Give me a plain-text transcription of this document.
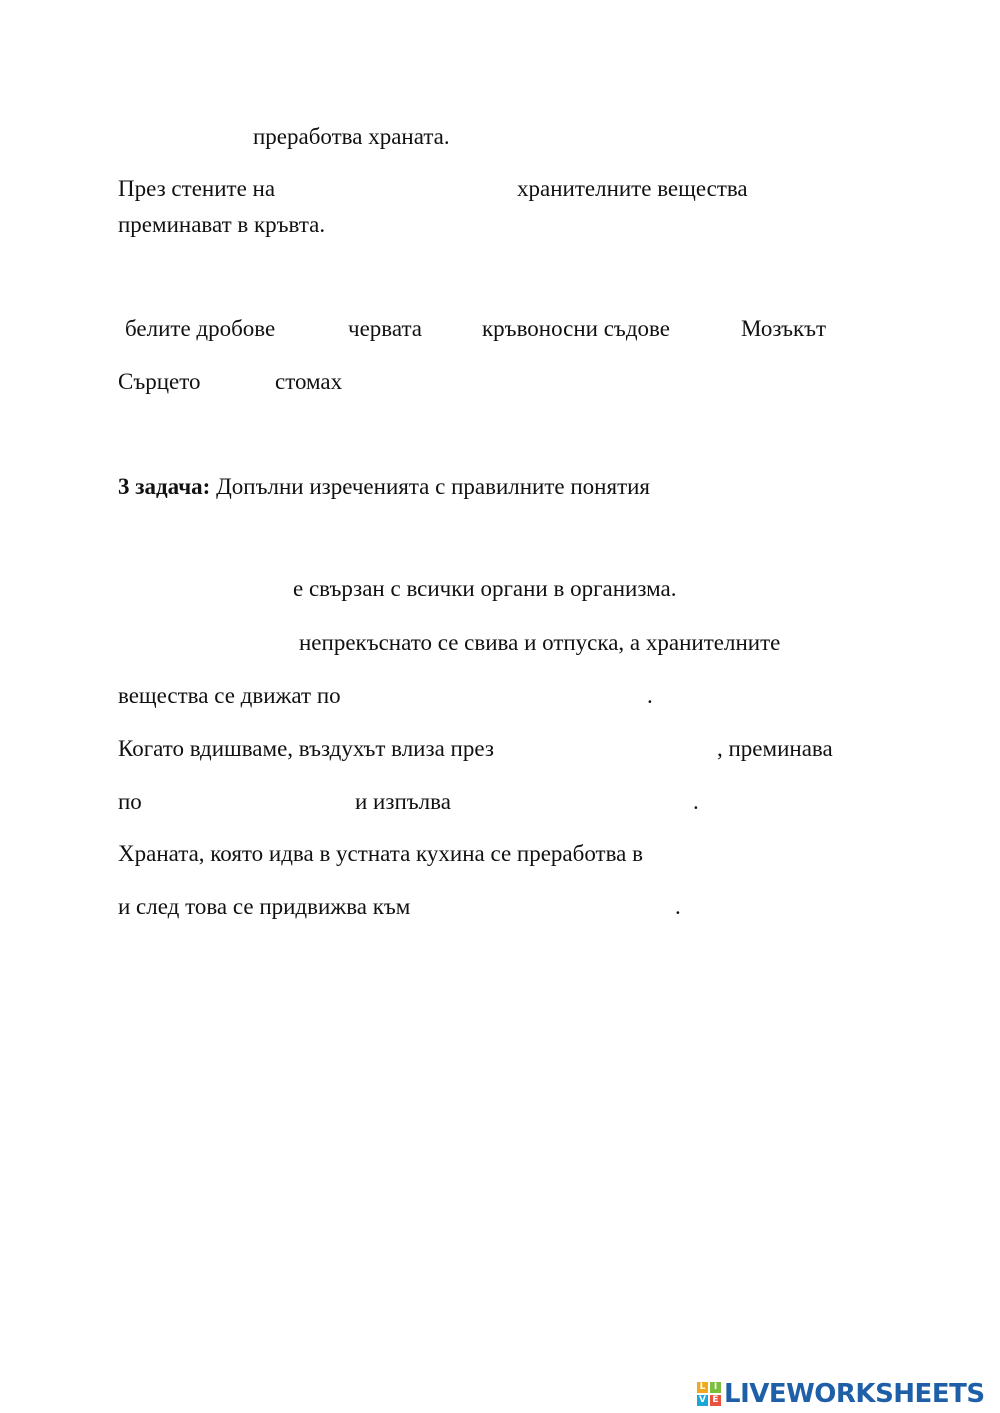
преработва храната.
През стените на	хранителните вещества
преминават в кръвта.
белите дробове	червата	кръвоносни съдове	Мозъкът
Сърцето	стомах
3 задача: Допълни изреченията с правилните понятия
е свързан с всички органи в организма.
непрекъснато се свива и отпуска, а хранителните
вещества се движат по	.
Когато вдишваме, въздухът влиза през	, преминава
по	и изпълва	.
Храната, която идва в устната кухина се преработва в
и след това се придвижва към	.
L I
V E LIVEWORKSHEETS
